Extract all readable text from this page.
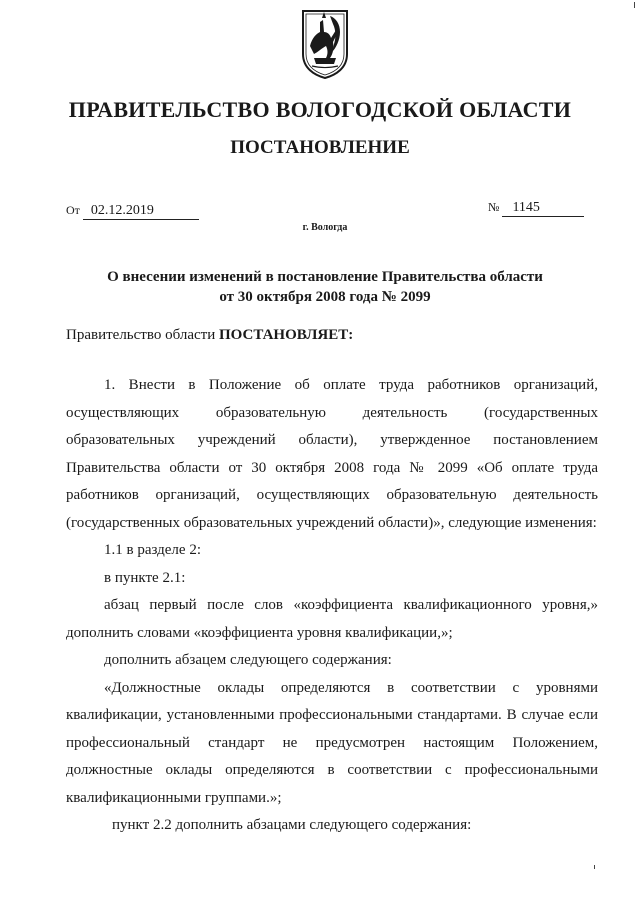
ПРАВИТЕЛЬСТВО ВОЛОГОДСКОЙ ОБЛАСТИ
ПОСТАНОВЛЕНИЕ
От 02.12.2019	№ 1145
г. Вологда
О внесении изменений в постановление Правительства области
от 30 октября 2008 года № 2099
Правительство области ПОСТАНОВЛЯЕТ:

1. Внести в Положение об оплате труда работников организаций, осуществляющих образовательную деятельность (государственных образовательных учреждений области), утвержденное постановлением Правительства области от 30 октября 2008 года № 2099 «Об оплате труда работников организаций, осуществляющих образовательную деятельность (государственных образовательных учреждений области)», следующие изменения:

1.1 в разделе 2:

в пункте 2.1:

абзац первый после слов «коэффициента квалификационного уровня,» дополнить словами «коэффициента уровня квалификации,»;

дополнить абзацем следующего содержания:

«Должностные оклады определяются в соответствии с уровнями квалификации, установленными профессиональными стандартами. В случае если профессиональный стандарт не предусмотрен настоящим Положением, должностные оклады определяются в соответствии с профессиональными квалификационными группами.»;

пункт 2.2 дополнить абзацами следующего содержания:
